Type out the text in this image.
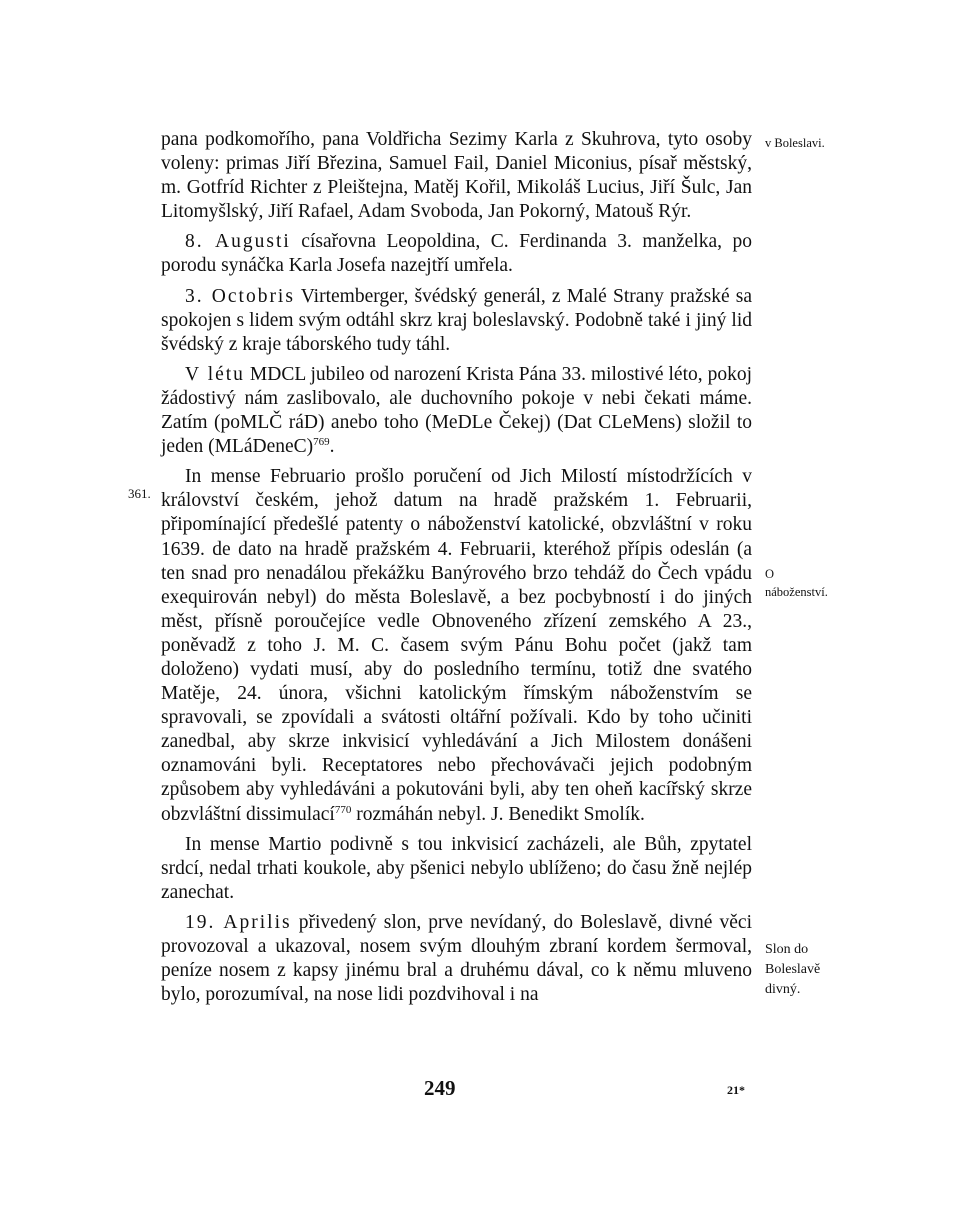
pana podkomořího, pana Voldřicha Sezimy Karla z Skuhrova, tyto osoby voleny: primas Jiří Březina, Samuel Fail, Daniel Miconius, písař městský, m. Gotfríd Richter z Pleištejna, Matěj Kořil, Mikoláš Lucius, Jiří Šulc, Jan Litomyšlský, Jiří Rafael, Adam Svoboda, Jan Pokorný, Matouš Rýr.

8. Augusti císařovna Leopoldina, C. Ferdinanda 3. manželka, po porodu synáčka Karla Josefa nazejtří umřela.

3. Octobris Virtemberger, švédský generál, z Malé Strany pražské sa spokojen s lidem svým odtáhl skrz kraj boleslavský. Podobně také i jiný lid švédský z kraje táborského tudy táhl.

V létu MDCL jubileo od narození Krista Pána 33. milostivé léto, pokoj žádostivý nám zaslibovalo, ale duchovního pokoje v nebi čekati máme. Zatím (poMLČ ráD) anebo toho (MeDLe Čekej) (Dat CLeMens) složil to jeden (MLáDeneC)$^{769}$.

In mense Februario prošlo poručení od Jich Milostí místodržících v království českém, jehož datum na hradě pražském 1. Februarii, připomínající předešlé patenty o náboženství katolické, obzvláštní v roku 1639. de dato na hradě pražském 4. Februarii, kteréhož přípis odeslán (a ten snad pro nenadálou překážku Banýrového brzo tehdáž do Čech vpádu exequirován nebyl) do města Boleslavě, a bez pocbybností i do jiných měst, přísně poroučejíce vedle Obnoveného zřízení zemského A 23., poněvadž z toho J. M. C. časem svým Pánu Bohu počet (jakž tam doloženo) vydati musí, aby do posledního termínu, totiž dne svatého Matěje, 24. února, všichni katolickým římským náboženstvím se spravovali, se zpovídali a svátosti oltářní požívali. Kdo by toho učiniti zanedbal, aby skrze inkvisicí vyhledávání a Jich Milostem donášeni oznamováni byli. Receptatores nebo přechovávači jejich podobným způsobem aby vyhledáváni a pokutováni byli, aby ten oheň kacířský skrze obzvláštní dissimulací$^{770}$ rozmáhán nebyl. J. Benedikt Smolík.

In mense Martio podivně s tou inkvisicí zacházeli, ale Bůh, zpytatel srdcí, nedal trhati koukole, aby pšenici nebylo ublíženo; do času žně nejlép zanechat.

19. Aprilis přivedený slon, prve nevídaný, do Boleslavě, divné věci provozoval a ukazoval, nosem svým dlouhým zbraní kordem šermoval, peníze nosem z kapsy jinému bral a druhému dával, co k němu mluveno bylo, porozumíval, na nose lidi pozdvihoval i na

v Boleslavi.
O náboženství.
Slon do Boleslavě divný.
361.
249	21*
